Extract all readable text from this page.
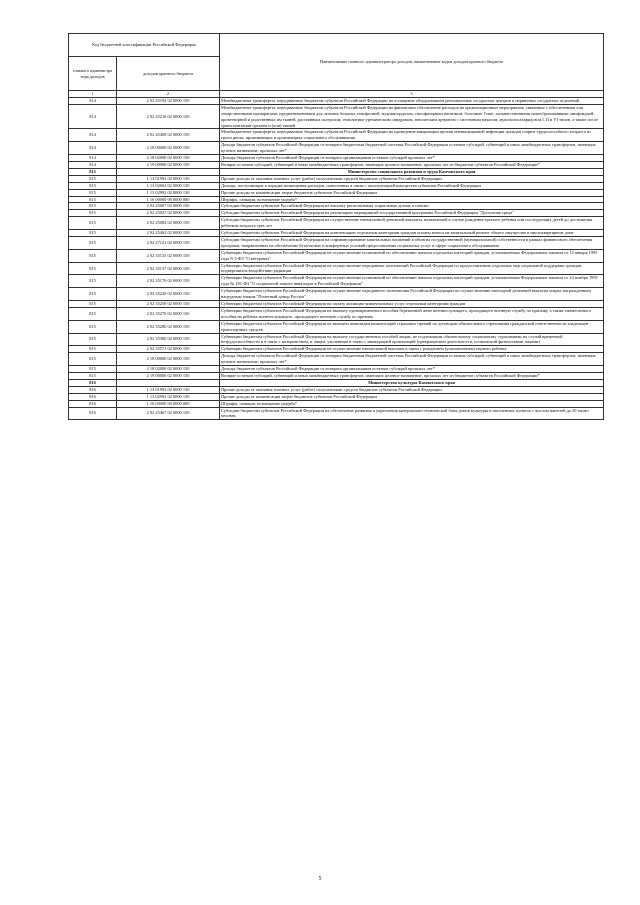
Код бюджетной классификации Российской Федерации		Наименование главного администратора доходов, наименование кодов доходов краевого бюджета
главного администра тора доходов	доходов краевого бюджета	
1	2	3
814	2 02 45192 02 0000 150	Межбюджетные трансферты, передаваемые бюджетам субъектов Российской Федерации на оснащение оборудованием региональных сосудистых центров и первичных сосудистых отделений
814	2 02 45216 02 0000 150	Межбюджетные трансферты, передаваемые бюджетам субъектов Российской Федерации на финансовое обеспечение расходов на организационные мероприятия, связанные с обеспечением лиц лекарственными препаратами, предназначенными для лечения больных гемофилией, муковисцидозом, гипофизарным нанизмом, болезнью Гоше, злокачественными новообразованиями лимфоидной, кроветворной и родственных им тканей, рассеянным склерозом, гемолитико-уремическим синдромом, юношеским артритом с системным началом, мукополисахаридозом I, II и VI типов, а также после трансплантации органов и (или) тканей
814	2 02 45468 02 0000 150	Межбюджетные трансферты, передаваемые бюджетам субъектов Российской Федерации на проведение вакцинации против пневмококковой инфекции граждан старше трудоспособного возраста из групп риска, проживающих в организациях социального обслуживания
814	2 18 00000 02 0000 150	Доходы бюджетов субъектов Российской Федерации от возврата бюджетами бюджетной системы Российской Федерации остатков субсидий, субвенций и иных межбюджетных трансфертов, имеющих целевое назначение, прошлых лет*
814	2 18 02000 02 0000 150	Доходы бюджетов субъектов Российской Федерации от возврата организациями остатков субсидий прошлых лет*
814	2 19 00000 02 0000 150	Возврат остатков субсидий, субвенций и иных межбюджетных трансфертов, имеющих целевое назначение, прошлых лет из бюджетов субъектов Российской Федерации*
815		Министерство социального развития и труда Камчатского края
815	1 13 01992 02 0000 130	Прочие доходы от оказания платных услуг (работ) получателями средств бюджетов субъектов Российской Федерации
815	1 13 02062 02 0000 130	Доходы, поступающие в порядке возмещения расходов, понесенных в связи с эксплуатацией имущества субъектов Российской Федерации
815	1 13 02992 02 0000 130	Прочие доходы от компенсации затрат бюджетов субъектов Российской Федерации
815	1 16 00000 00 0000 000	Штрафы, санкции, возмещение ущерба*
815	2 02 25007 02 0000 150	Субсидии бюджетам субъектов Российской Федерации на выплату региональных социальных доплат к пенсии
815	2 02 25027 02 0000 150	Субсидии бюджетам субъектов Российской Федерации на реализацию мероприятий государственной программы Российской Федерации "Доступная среда"
815	2 02 25084 02 0000 150	Субсидии бюджетам субъектов Российской Федерации на осуществление ежемесячной денежной выплаты, назначаемой в случае рождения третьего ребенка или последующих детей до достижения ребенком возраста трех лет
815	2 02 25462 02 0000 150	Субсидии бюджетам субъектов Российской Федерации на компенсацию отдельным категориям граждан оплаты взноса на капитальный ремонт общего имущества в многоквартирном доме
815	2 02 27121 02 0000 150	Субсидии бюджетам субъектов Российской Федерации на софинансирование капитальных вложений в объекты государственной (муниципальной) собственности в рамках финансового обеспечения программ, направленных на обеспечение безопасных и комфортных условий предоставления социальных услуг в сфере социального обслуживания
815	2 02 35135 02 0000 150	Субвенции бюджетам субъектов Российской Федерации на осуществление полномочий по обеспечению жильем отдельных категорий граждан, установленных Федеральным законом от 12 января 1995 года N 5-ФЗ "О ветеранах"
815	2 02 35137 02 0000 150	Субвенции бюджетам субъектов Российской Федерации на осуществление переданных полномочий Российской Федерации по предоставлению отдельных мер социальной поддержки граждан, подвергшихся воздействию радиации
815	2 02 35176 02 0000 150	Субвенции бюджетам субъектов Российской Федерации на осуществление полномочий по обеспечению жильем отдельных категорий граждан, установленных Федеральным законом от 24 ноября 1995 года № 181-ФЗ "О социальной защите инвалидов в Российской Федерации"
815	2 02 35220 02 0000 150	Субвенции бюджетам субъектов Российской Федерации на осуществление переданного полномочия Российской Федерации по осуществлению ежегодной денежной выплаты лицам, награжденным нагрудным знаком "Почетный донор России"
815	2 02 35250 02 0000 150	Субвенции бюджетам субъектов Российской Федерации на оплату жилищно-коммунальных услуг отдельным категориям граждан
815	2 02 35270 02 0000 150	Субвенции бюджетам субъектов Российской Федерации на выплату единовременного пособия беременной жене военнослужащего, проходящего военную службу по призыву, а также ежемесячного пособия на ребенка военнослужащего, проходящего военную службу по призыву
815	2 02 35280 02 0000 150	Субвенции бюджетам субъектов Российской Федерации на выплаты инвалидам компенсаций страховых премий по договорам обязательного страхования гражданской ответственности владельцев транспортных средств
815	2 02 35380 02 0000 150	Субвенции бюджетам субъектов Российской Федерации на выплату государственных пособий лицам, не подлежащим обязательному социальному страхованию на случай временной нетрудоспособности и в связи с материнством, и лицам, уволенным в связи с ликвидацией организаций (прекращением деятельности, полномочий физическими лицами)
815	2 02 35573 02 0000 150	Субвенции бюджетам субъектов Российской Федерации на осуществление ежемесячной выплаты в связи с рождением (усыновлением) первого ребенка
815	2 18 00000 02 0000 150	Доходы бюджетов субъектов Российской Федерации от возврата бюджетами бюджетной системы Российской Федерации остатков субсидий, субвенций и иных межбюджетных трансфертов, имеющих целевое назначение, прошлых лет*
815	2 18 02000 02 0000 150	Доходы бюджетов субъектов Российской Федерации от возврата организациями остатков субсидий прошлых лет*
815	2 19 00000 02 0000 150	Возврат остатков субсидий, субвенций и иных межбюджетных трансфертов, имеющих целевое назначение, прошлых лет из бюджетов субъектов Российской Федерации*
816		Министерство культуры Камчатского края
816	1 13 01992 02 0000 130	Прочие доходы от оказания платных услуг (работ) получателями средств бюджетов субъектов Российской Федерации
816	1 13 02992 02 0000 130	Прочие доходы от компенсации затрат бюджетов субъектов Российской Федерации
816	1 16 00000 00 0000 000	Штрафы, санкции, возмещение ущерба*
816	2 02 25467 02 0000 150	Субсидии бюджетам субъектов Российской Федерации на обеспечение развития и укрепления материально-технической базы домов культуры в населенных пунктах с числом жителей до 50 тысяч человек
5
